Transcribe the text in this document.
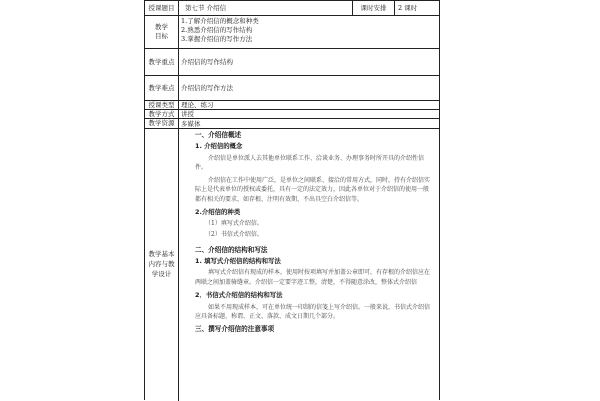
授课题目	第七节 介绍信	课时安排	2 课时
教学
目标
1.了解介绍信的概念和种类
2.熟悉介绍信的写作结构
3.掌握介绍信的写作方法
教学重点	介绍信的写作结构
教学难点	介绍信的写作方法
授课类型	理论、练习
教学方式	讲授
教学资源	多媒体
教学基本内容与教学设计
一、介绍信概述
1. 介绍信的概念
介绍信是单位派人去其他单位联系工作、洽谈业务、办理事务时所开具的介绍性信件。
介绍信在工作中使用广泛，是单位之间联系、接洽的常用方式，同时，持有介绍信实际上是代表单位的授权或委托，具有一定的法定效力，因此各单位对于介绍信的使用一般都有相关的要求，如存根、注明有效期、不出具空白介绍信等。
2.介绍信的种类
（1）填写式介绍信。
（2）书信式介绍信。
二、介绍信的结构和写法
1. 填写式介绍信的结构和写法
填写式介绍信有现成的样本，使用时按项填写并加盖公章即可，有存根的介绍信应在两联之间加盖骑缝章。介绍信一定要字迹工整，清楚，不得随意涂改，整体式介绍信
2．书信式介绍信的结构和写法
如果不用现成样本，可在单位统一印制的信笺上写介绍信。一般来说，书信式介绍信应具备标题、称谓、正文、落款、成文日期几个部分。
三、撰写介绍信的注意事项
